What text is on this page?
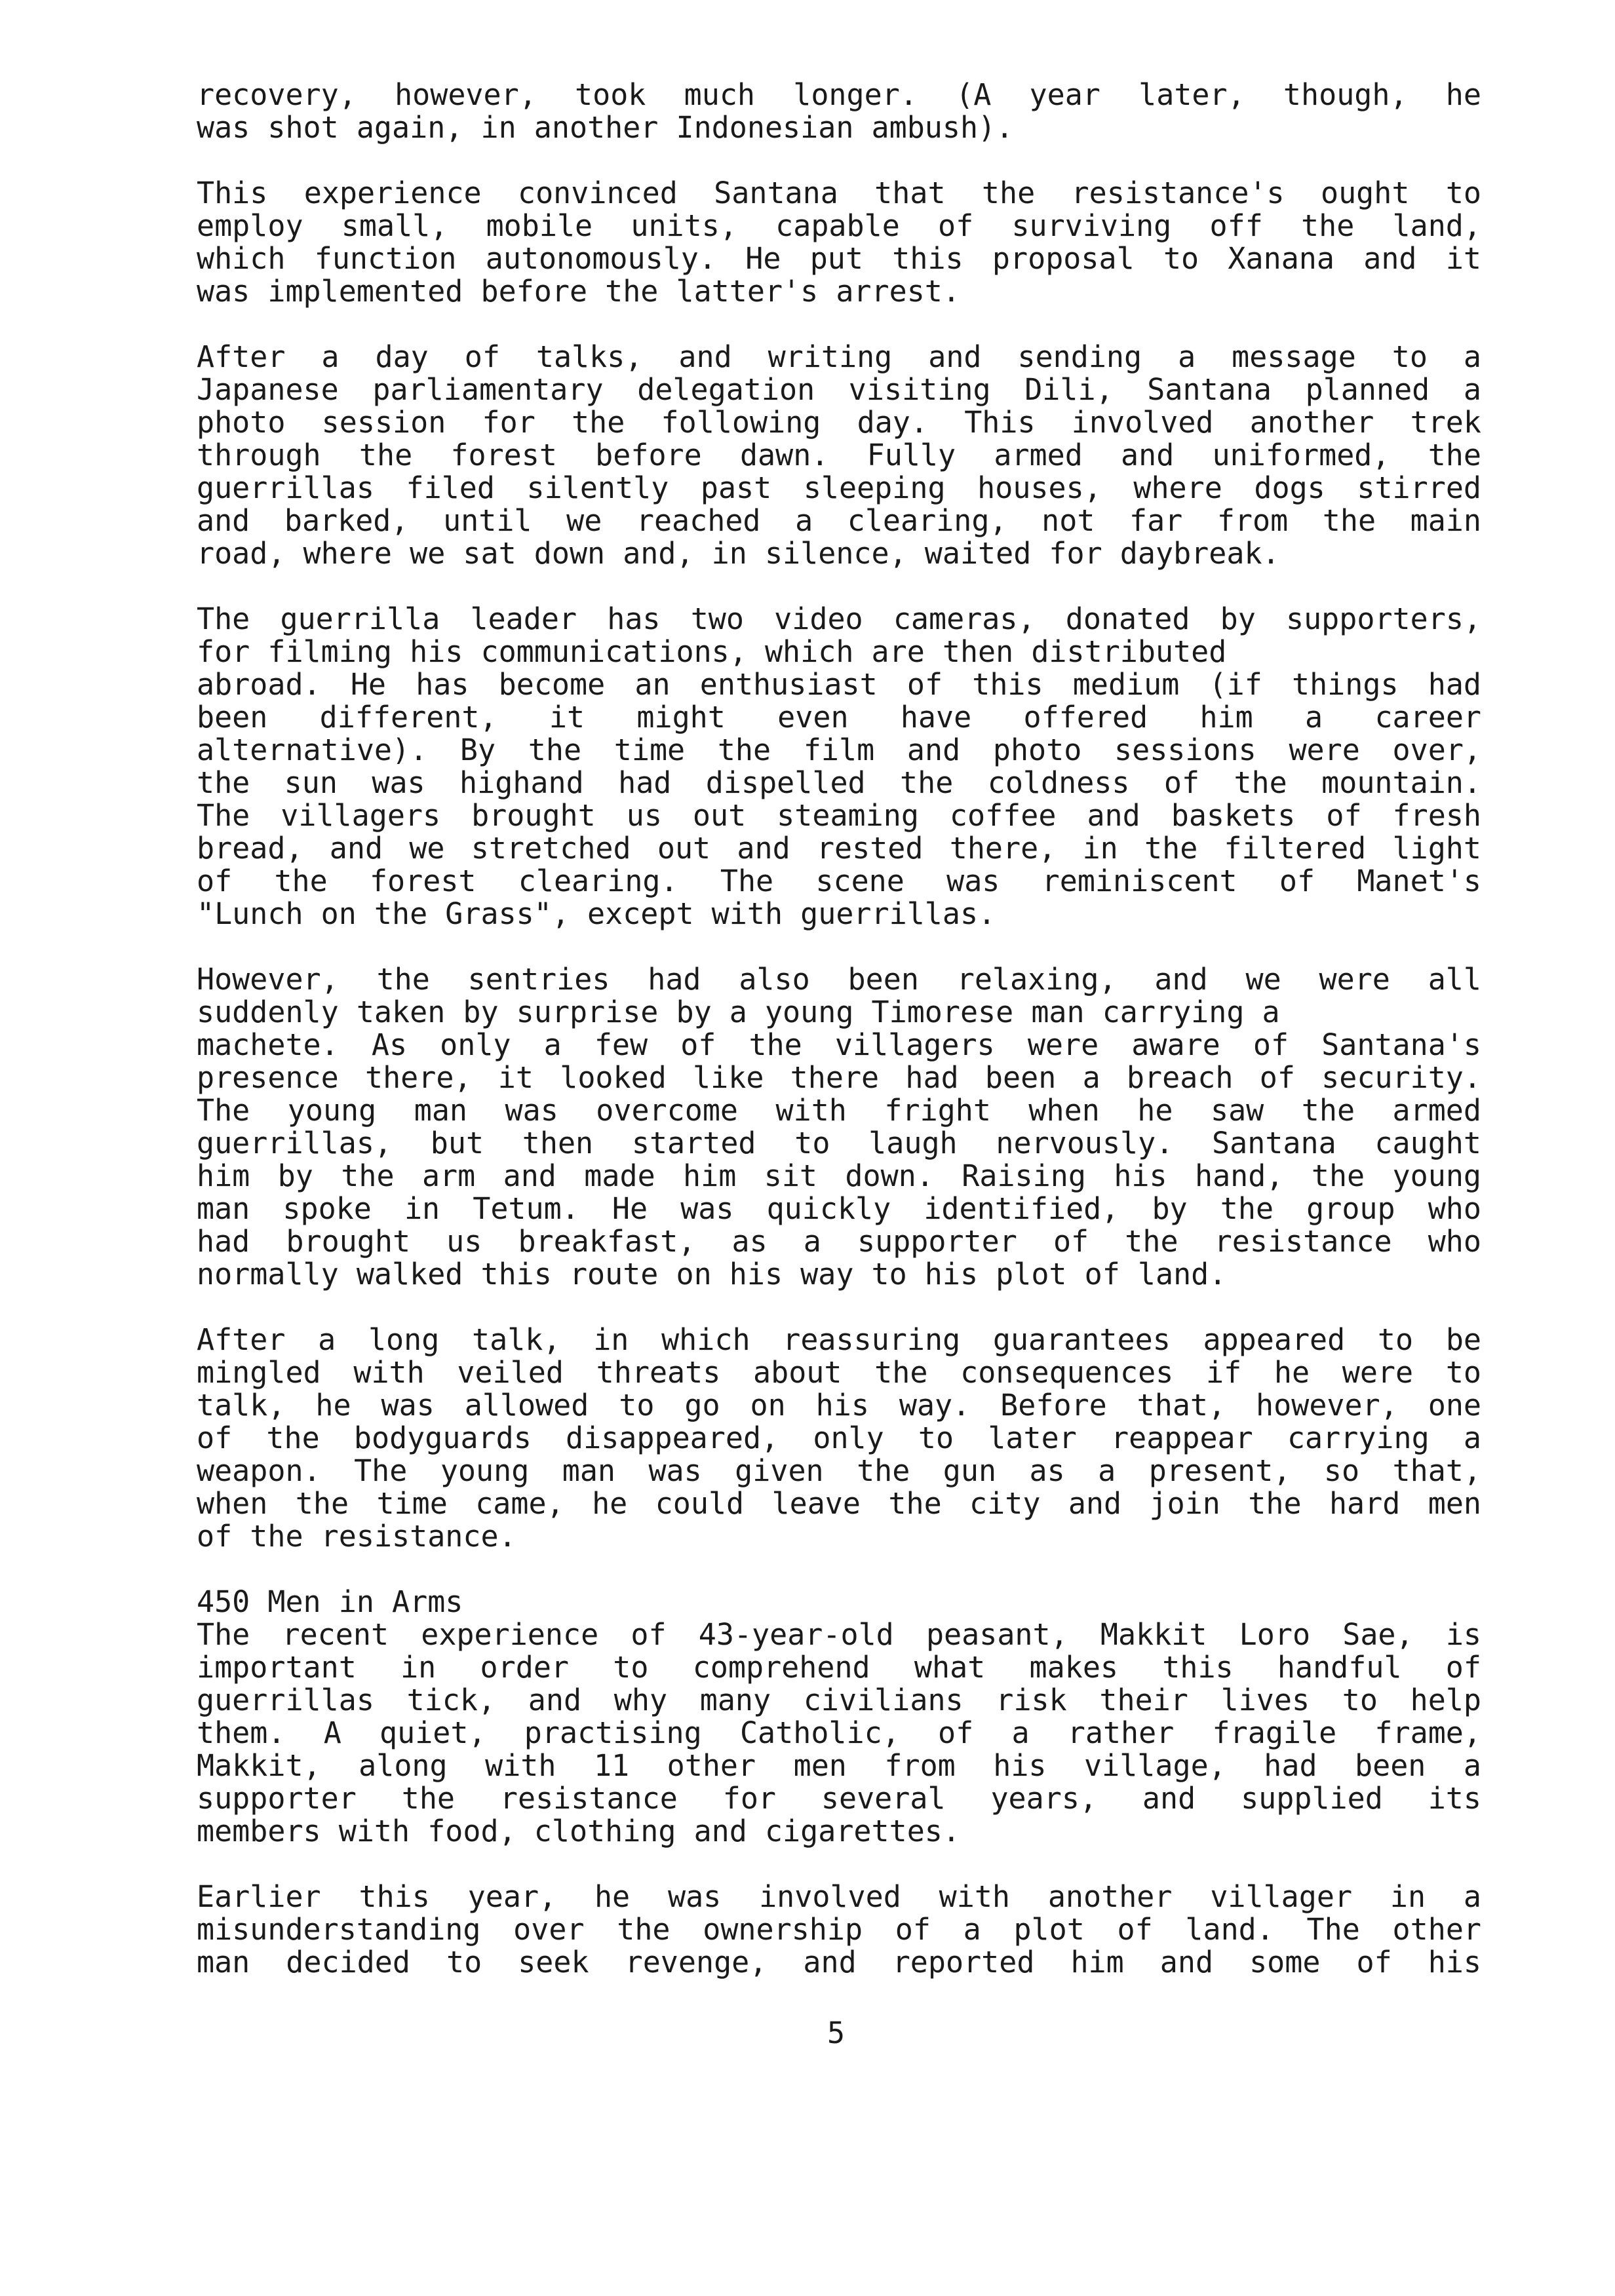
recovery, however, took much longer. (A year later, though, he
was shot again, in another Indonesian ambush).
This experience convinced Santana that the resistance's ought to
employ small, mobile units, capable of surviving off the land,
which function autonomously. He put this proposal to Xanana and it
was implemented before the latter's arrest.
After a day of talks, and writing and sending a message to a
Japanese parliamentary delegation visiting Dili, Santana planned a
photo session for the following day. This involved another trek
through the forest before dawn. Fully armed and uniformed, the
guerrillas filed silently past sleeping houses, where dogs stirred
and barked, until we reached a clearing, not far from the main
road, where we sat down and, in silence, waited for daybreak.
The guerrilla leader has two video cameras, donated by supporters,
for filming his communications, which are then distributed
abroad. He has become an enthusiast of this medium (if things had
been different, it might even have offered him a career
alternative). By the time the film and photo sessions were over,
the sun was highand had dispelled the coldness of the mountain.
The villagers brought us out steaming coffee and baskets of fresh
bread, and we stretched out and rested there, in the filtered light
of the forest clearing. The scene was reminiscent of Manet's
"Lunch on the Grass", except with guerrillas.
However, the sentries had also been relaxing, and we were all
suddenly taken by surprise by a young Timorese man carrying a
machete. As only a few of the villagers were aware of Santana's
presence there, it looked like there had been a breach of security.
The young man was overcome with fright when he saw the armed
guerrillas, but then started to laugh nervously. Santana caught
him by the arm and made him sit down. Raising his hand, the young
man spoke in Tetum. He was quickly identified, by the group who
had brought us breakfast, as a supporter of the resistance who
normally walked this route on his way to his plot of land.
After a long talk, in which reassuring guarantees appeared to be
mingled with veiled threats about the consequences if he were to
talk, he was allowed to go on his way. Before that, however, one
of the bodyguards disappeared, only to later reappear carrying a
weapon. The young man was given the gun as a present, so that,
when the time came, he could leave the city and join the hard men
of the resistance.
450 Men in Arms
The recent experience of 43-year-old peasant, Makkit Loro Sae, is
important in order to comprehend what makes this handful of
guerrillas tick, and why many civilians risk their lives to help
them. A quiet, practising Catholic, of a rather fragile frame,
Makkit, along with 11 other men from his village, had been a
supporter the resistance for several years, and supplied its
members with food, clothing and cigarettes.
Earlier this year, he was involved with another villager in a
misunderstanding over the ownership of a plot of land. The other
man decided to seek revenge, and reported him and some of his
5
